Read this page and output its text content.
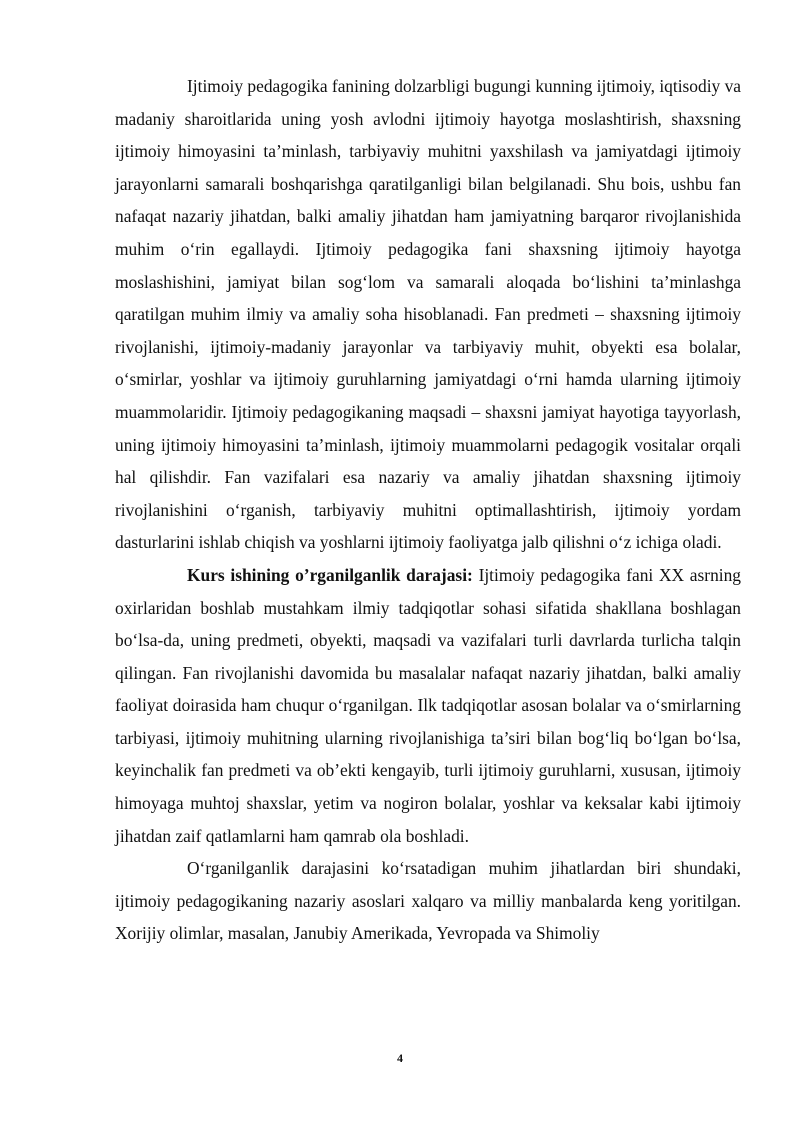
Ijtimoiy pedagogika fanining dolzarbligi bugungi kunning ijtimoiy, iqtisodiy va madaniy sharoitlarida uning yosh avlodni ijtimoiy hayotga moslashtirish, shaxsning ijtimoiy himoyasini ta’minlash, tarbiyaviy muhitni yaxshilash va jamiyatdagi ijtimoiy jarayonlarni samarali boshqarishga qaratilganligi bilan belgilanadi. Shu bois, ushbu fan nafaqat nazariy jihatdan, balki amaliy jihatdan ham jamiyatning barqaror rivojlanishida muhim o‘rin egallaydi. Ijtimoiy pedagogika fani shaxsning ijtimoiy hayotga moslashishini, jamiyat bilan sog‘lom va samarali aloqada bo‘lishini ta’minlashga qaratilgan muhim ilmiy va amaliy soha hisoblanadi. Fan predmeti – shaxsning ijtimoiy rivojlanishi, ijtimoiy-madaniy jarayonlar va tarbiyaviy muhit, obyekti esa bolalar, o‘smirlar, yoshlar va ijtimoiy guruhlarning jamiyatdagi o‘rni hamda ularning ijtimoiy muammolaridir. Ijtimoiy pedagogikaning maqsadi – shaxsni jamiyat hayotiga tayyorlash, uning ijtimoiy himoyasini ta’minlash, ijtimoiy muammolarni pedagogik vositalar orqali hal qilishdir. Fan vazifalari esa nazariy va amaliy jihatdan shaxsning ijtimoiy rivojlanishini o‘rganish, tarbiyaviy muhitni optimallashtirish, ijtimoiy yordam dasturlarini ishlab chiqish va yoshlarni ijtimoiy faoliyatga jalb qilishni o‘z ichiga oladi.

Kurs ishining o’rganilganlik darajasi: Ijtimoiy pedagogika fani XX asrning oxirlaridan boshlab mustahkam ilmiy tadqiqotlar sohasi sifatida shakllana boshlagan bo‘lsa-da, uning predmeti, obyekti, maqsadi va vazifalari turli davrlarda turlicha talqin qilingan. Fan rivojlanishi davomida bu masalalar nafaqat nazariy jihatdan, balki amaliy faoliyat doirasida ham chuqur o‘rganilgan. Ilk tadqiqotlar asosan bolalar va o‘smirlarning tarbiyasi, ijtimoiy muhitning ularning rivojlanishiga ta’siri bilan bog‘liq bo‘lgan bo‘lsa, keyinchalik fan predmeti va ob’ekti kengayib, turli ijtimoiy guruhlarni, xususan, ijtimoiy himoyaga muhtoj shaxslar, yetim va nogiron bolalar, yoshlar va keksalar kabi ijtimoiy jihatdan zaif qatlamlarni ham qamrab ola boshladi.

O‘rganilganlik darajasini ko‘rsatadigan muhim jihatlardan biri shundaki, ijtimoiy pedagogikaning nazariy asoslari xalqaro va milliy manbalarda keng yoritilgan. Xorijiy olimlar, masalan, Janubiy Amerikada, Yevropada va Shimoliy

4
